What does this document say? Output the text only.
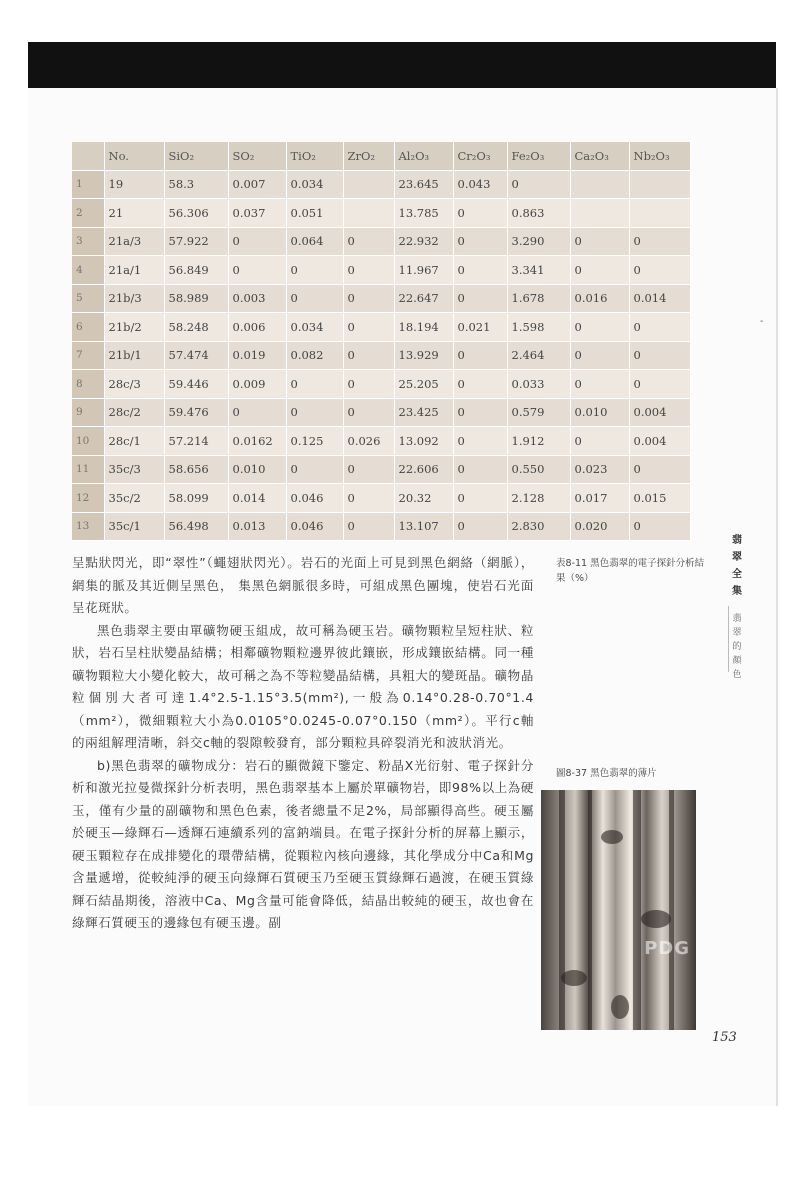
	No.	SiO₂	SO₂	TiO₂	ZrO₂	Al₂O₃	Cr₂O₃	Fe₂O₃	Ca₂O₃	Nb₂O₃
1	19	58.3	0.007	0.034		23.645	0.043	0		
2	21	56.306	0.037	0.051		13.785	0	0.863		
3	21a/3	57.922	0	0.064	0	22.932	0	3.290	0	0
4	21a/1	56.849	0	0	0	11.967	0	3.341	0	0
5	21b/3	58.989	0.003	0	0	22.647	0	1.678	0.016	0.014
6	21b/2	58.248	0.006	0.034	0	18.194	0.021	1.598	0	0
7	21b/1	57.474	0.019	0.082	0	13.929	0	2.464	0	0
8	28c/3	59.446	0.009	0	0	25.205	0	0.033	0	0
9	28c/2	59.476	0	0	0	23.425	0	0.579	0.010	0.004
10	28c/1	57.214	0.0162	0.125	0.026	13.092	0	1.912	0	0.004
11	35c/3	58.656	0.010	0	0	22.606	0	0.550	0.023	0
12	35c/2	58.099	0.014	0.046	0	20.32	0	2.128	0.017	0.015
13	35c/1	56.498	0.013	0.046	0	13.107	0	2.830	0.020	0

呈點狀閃光，即“翠性”（蠅翅狀閃光）。岩石的光面上可見到黑色網絡（網脈），網集的脈及其近側呈黑色， 集黑色網脈很多時，可組成黑色團塊，使岩石光面呈花斑狀。

黑色翡翠主要由單礦物硬玉組成，故可稱為硬玉岩。礦物顆粒呈短柱狀、粒狀，岩石呈柱狀變晶結構；相鄰礦物顆粒邊界彼此鑲嵌，形成鑲嵌結構。同一種礦物顆粒大小變化較大，故可稱之為不等粒變晶結構，具粗大的變斑晶。礦物晶粒個別大者可達1.4°2.5-1.15°3.5(mm²),一般為0.14°0.28-0.70°1.4（mm²），微細顆粒大小為0.0105°0.0245-0.07°0.150（mm²）。平行c軸的兩組解理清晰，斜交c軸的裂隙較發育，部分顆粒具碎裂消光和波狀消光。

b)黑色翡翠的礦物成分：岩石的顯微鏡下鑒定、粉晶X光衍射、電子探針分析和激光拉曼微探針分析表明，黑色翡翠基本上屬於單礦物岩，即98%以上為硬玉，僅有少量的副礦物和黑色色素，後者總量不足2%，局部顯得高些。硬玉屬於硬玉—綠輝石—透輝石連續系列的富鈉端員。在電子探針分析的屏幕上顯示，硬玉顆粒存在成排變化的環帶結構，從顆粒內核向邊緣，其化學成分中Ca和Mg含量遞增，從較純淨的硬玉向綠輝石質硬玉乃至硬玉質綠輝石過渡，在硬玉質綠輝石結晶期後，溶液中Ca、Mg含量可能會降低，結晶出較純的硬玉，故也會在綠輝石質硬玉的邊緣包有硬玉邊。副

表8-11 黑色翡翠的電子探針分析結果（%）
圖8-37 黑色翡翠的薄片
翡翠全集
翡翠的顏色
PDG
153
-
